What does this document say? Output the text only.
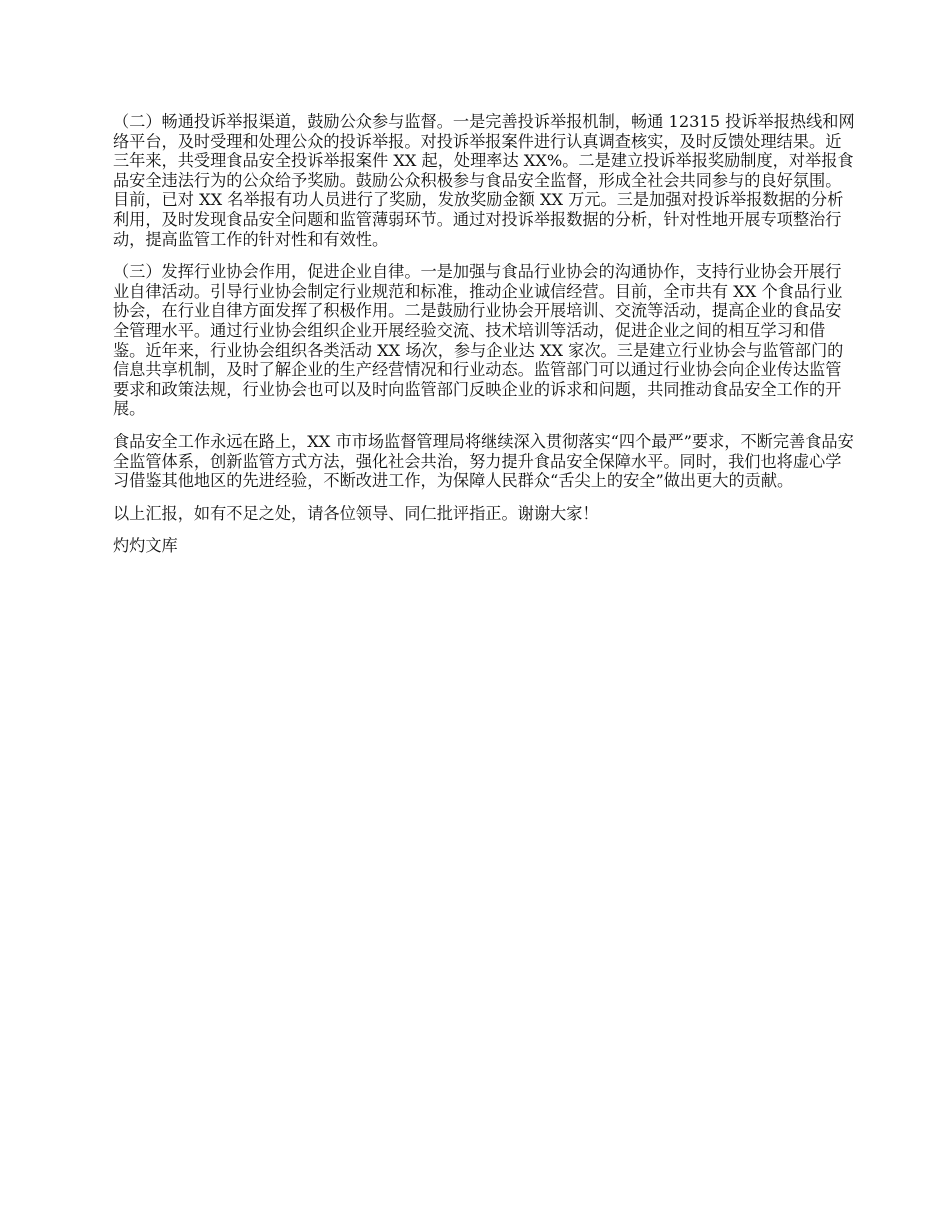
（二）畅通投诉举报渠道，鼓励公众参与监督。一是完善投诉举报机制，畅通 12315 投诉举报热线和网络平台，及时受理和处理公众的投诉举报。对投诉举报案件进行认真调查核实，及时反馈处理结果。近三年来，共受理食品安全投诉举报案件 XX 起，处理率达 XX%。二是建立投诉举报奖励制度，对举报食品安全违法行为的公众给予奖励。鼓励公众积极参与食品安全监督，形成全社会共同参与的良好氛围。目前，已对 XX 名举报有功人员进行了奖励，发放奖励金额 XX 万元。三是加强对投诉举报数据的分析利用，及时发现食品安全问题和监管薄弱环节。通过对投诉举报数据的分析，针对性地开展专项整治行动，提高监管工作的针对性和有效性。

（三）发挥行业协会作用，促进企业自律。一是加强与食品行业协会的沟通协作，支持行业协会开展行业自律活动。引导行业协会制定行业规范和标准，推动企业诚信经营。目前，全市共有 XX 个食品行业协会，在行业自律方面发挥了积极作用。二是鼓励行业协会开展培训、交流等活动，提高企业的食品安全管理水平。通过行业协会组织企业开展经验交流、技术培训等活动，促进企业之间的相互学习和借鉴。近年来，行业协会组织各类活动 XX 场次，参与企业达 XX 家次。三是建立行业协会与监管部门的信息共享机制，及时了解企业的生产经营情况和行业动态。监管部门可以通过行业协会向企业传达监管要求和政策法规，行业协会也可以及时向监管部门反映企业的诉求和问题，共同推动食品安全工作的开展。

食品安全工作永远在路上，XX 市市场监督管理局将继续深入贯彻落实“四个最严”要求，不断完善食品安全监管体系，创新监管方式方法，强化社会共治，努力提升食品安全保障水平。同时，我们也将虚心学习借鉴其他地区的先进经验，不断改进工作，为保障人民群众“舌尖上的安全”做出更大的贡献。

以上汇报，如有不足之处，请各位领导、同仁批评指正。谢谢大家！

灼灼文库
